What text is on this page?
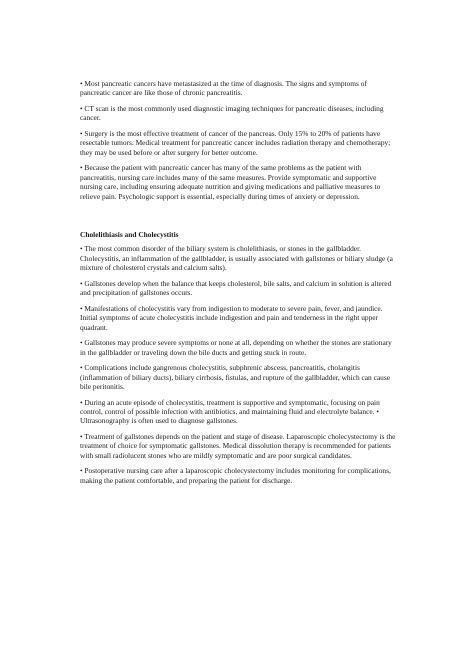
• Most pancreatic cancers have metastasized at the time of diagnosis. The signs and symptoms of pancreatic cancer are like those of chronic pancreatitis.

• CT scan is the most commonly used diagnostic imaging techniques for pancreatic diseases, including cancer.

• Surgery is the most effective treatment of cancer of the pancreas. Only 15% to 20% of patients have resectable tumors. Medical treatment for pancreatic cancer includes radiation therapy and chemotherapy; they may be used before or after surgery for better outcome.

• Because the patient with pancreatic cancer has many of the same problems as the patient with pancreatitis, nursing care includes many of the same measures. Provide symptomatic and supportive nursing care, including ensuring adequate nutrition and giving medications and palliative measures to relieve pain. Psychologic support is essential, especially during times of anxiety or depression.

Cholelithiasis and Cholecystitis

• The most common disorder of the biliary system is cholelithiasis, or stones in the gallbladder. Cholecystitis, an inflammation of the gallbladder, is usually associated with gallstones or biliary sludge (a mixture of cholesterol crystals and calcium salts).

• Gallstones develop when the balance that keeps cholesterol, bile salts, and calcium in solution is altered and precipitation of gallstones occurs.

• Manifestations of cholecystitis vary from indigestion to moderate to severe pain, fever, and jaundice. Initial symptoms of acute cholecystitis include indigestion and pain and tenderness in the right upper quadrant.

• Gallstones may produce severe symptoms or none at all, depending on whether the stones are stationary in the gallbladder or traveling down the bile ducts and getting stuck in route.

• Complications include gangrenous cholecystitis, subphrenic abscess, pancreatitis, cholangitis (inflammation of biliary ducts), biliary cirrhosis, fistulas, and rupture of the gallbladder, which can cause bile peritonitis.

• During an acute episode of cholecystitis, treatment is supportive and symptomatic, focusing on pain control, control of possible infection with antibiotics, and maintaining fluid and electrolyte balance. • Ultrasonography is often used to diagnose gallstones.

• Treatment of gallstones depends on the patient and stage of disease. Laparoscopic cholecystectomy is the treatment of choice for symptomatic gallstones. Medical dissolution therapy is recommended for patients with small radiolucent stones who are mildly symptomatic and are poor surgical candidates.

• Postoperative nursing care after a laparoscopic cholecystectomy includes monitoring for complications, making the patient comfortable, and preparing the patient for discharge.
